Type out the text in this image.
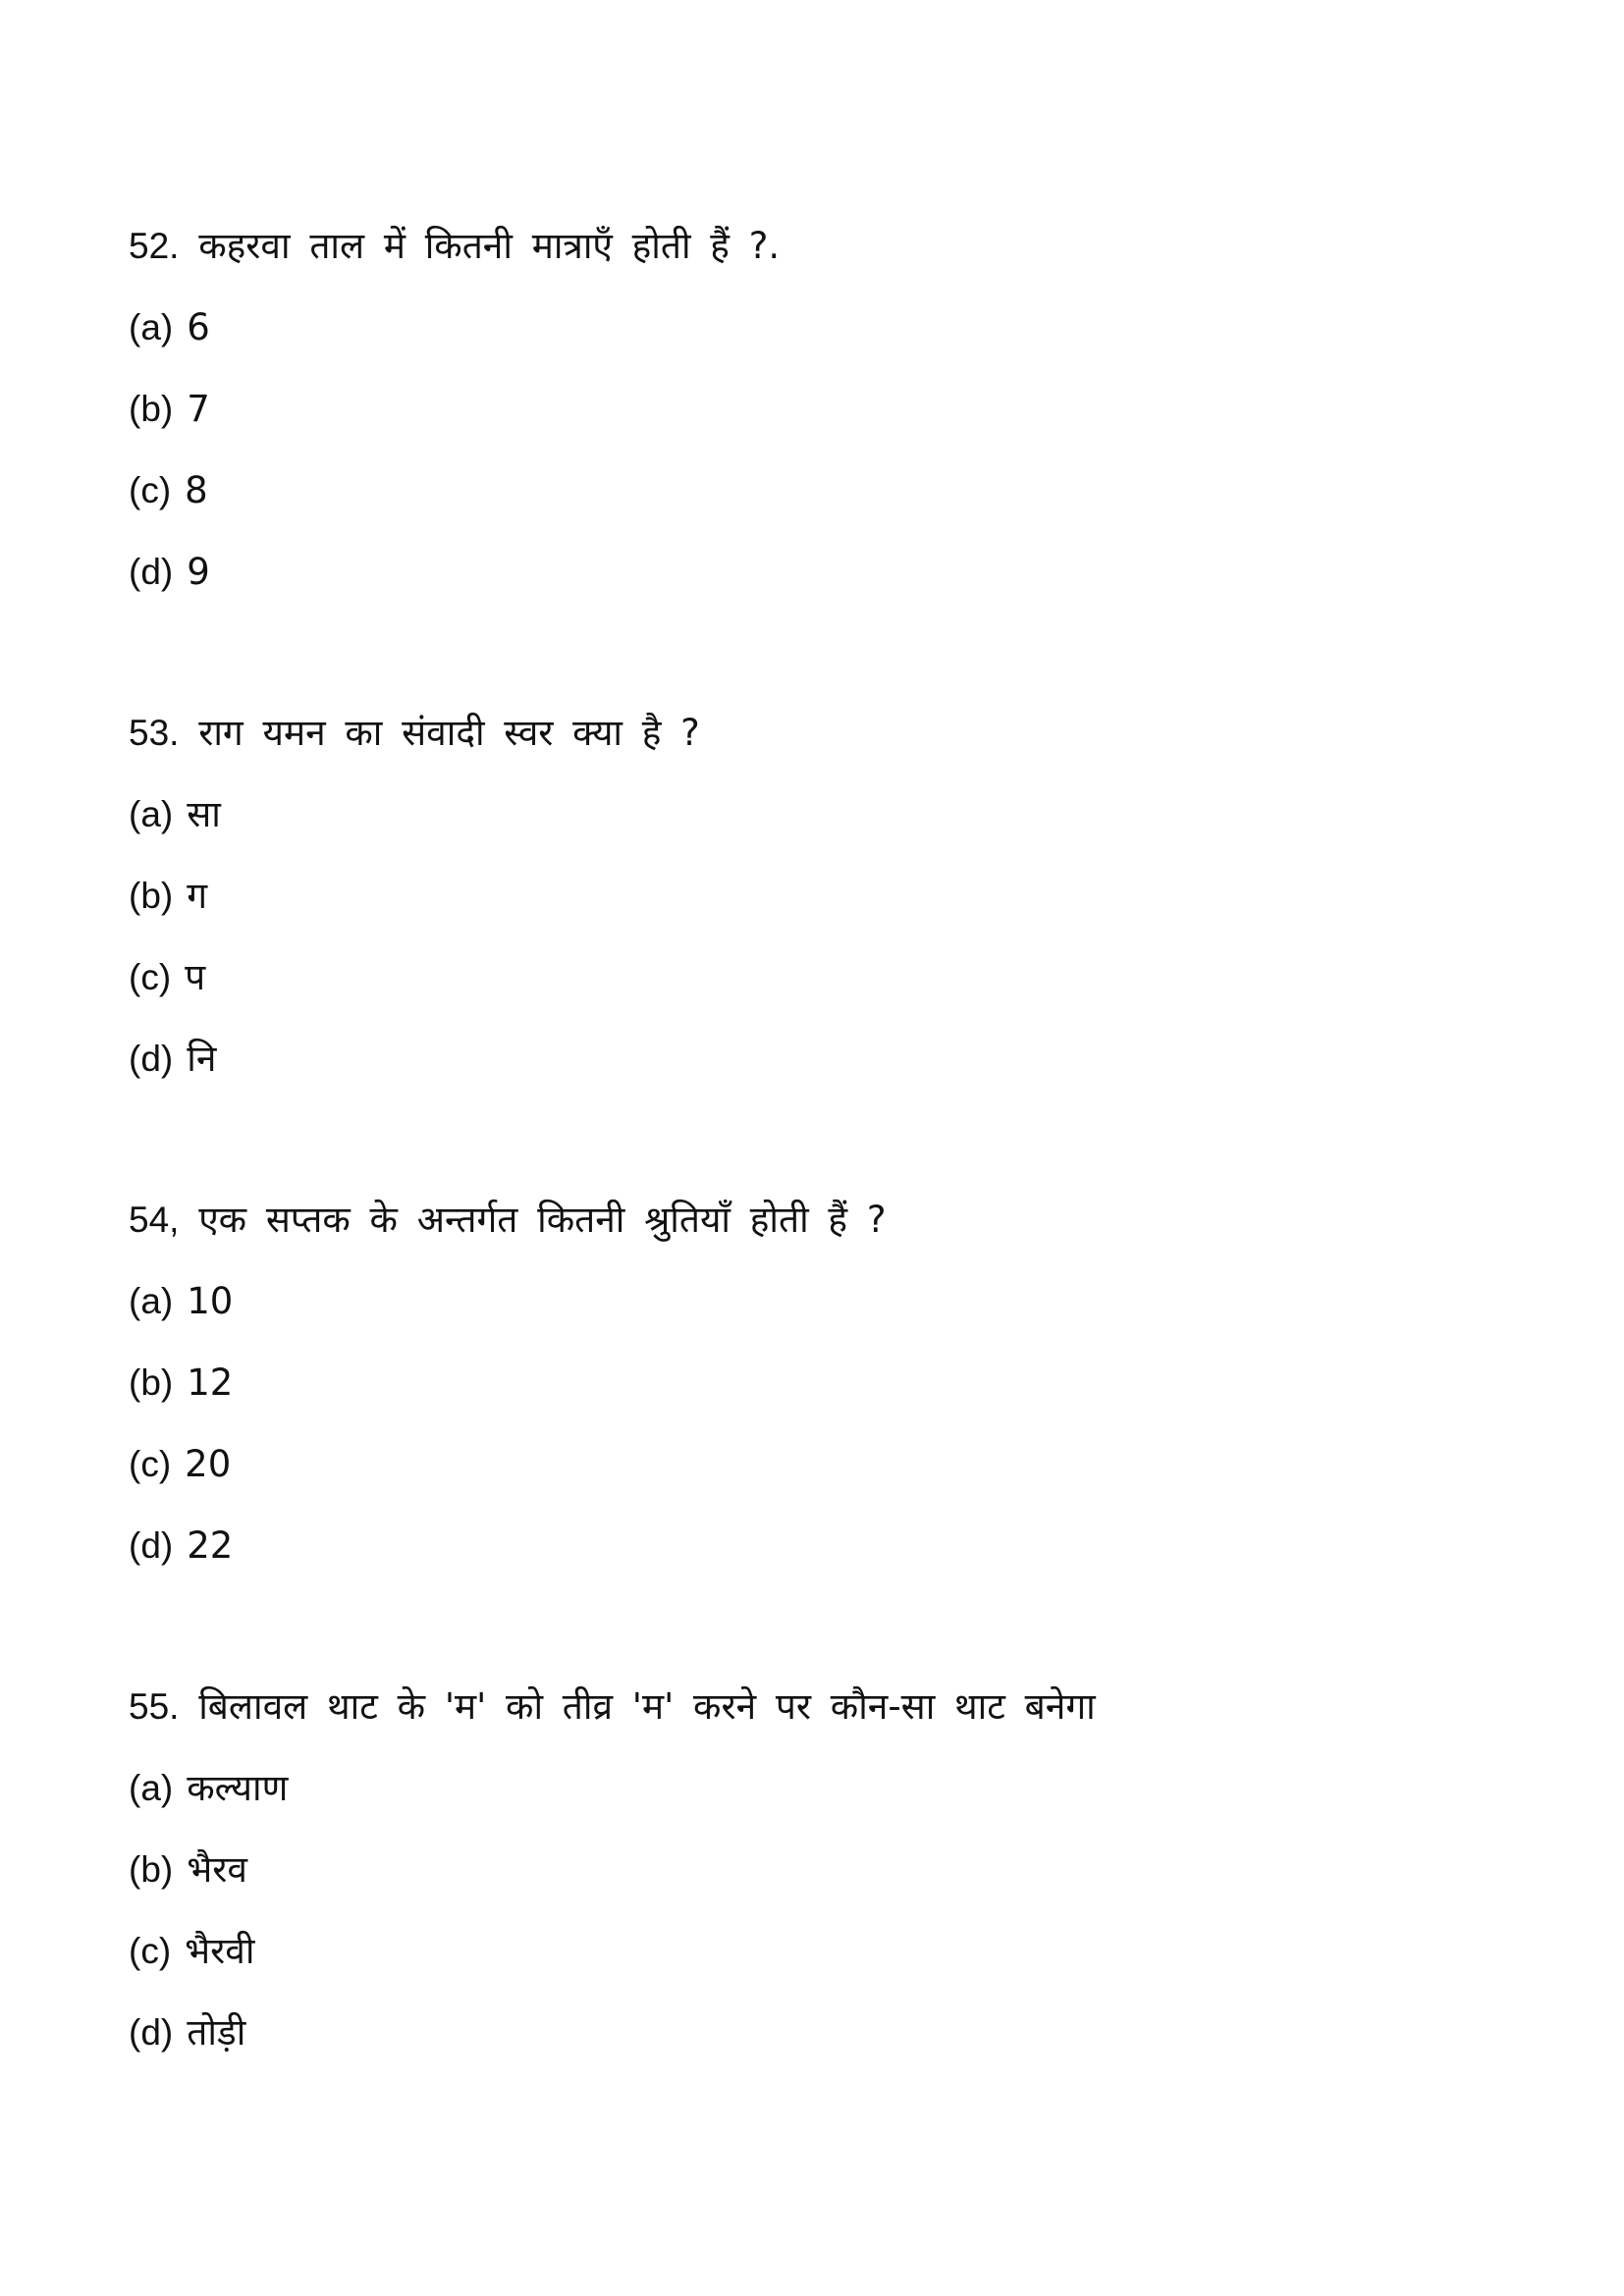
52. कहरवा ताल में कितनी मात्राएँ होती हैं ?.
(a) 6
(b) 7
(c) 8
(d) 9
53. राग यमन का संवादी स्वर क्या है ?
(a) सा
(b) ग
(c) प
(d) नि
54, एक सप्तक के अन्तर्गत कितनी श्रुतियाँ होती हैं ?
(a) 10
(b) 12
(c) 20
(d) 22
55. बिलावल थाट के 'म' को तीव्र 'म' करने पर कौन-सा थाट बनेगा
(a) कल्याण
(b) भैरव
(c) भैरवी
(d) तोड़ी
